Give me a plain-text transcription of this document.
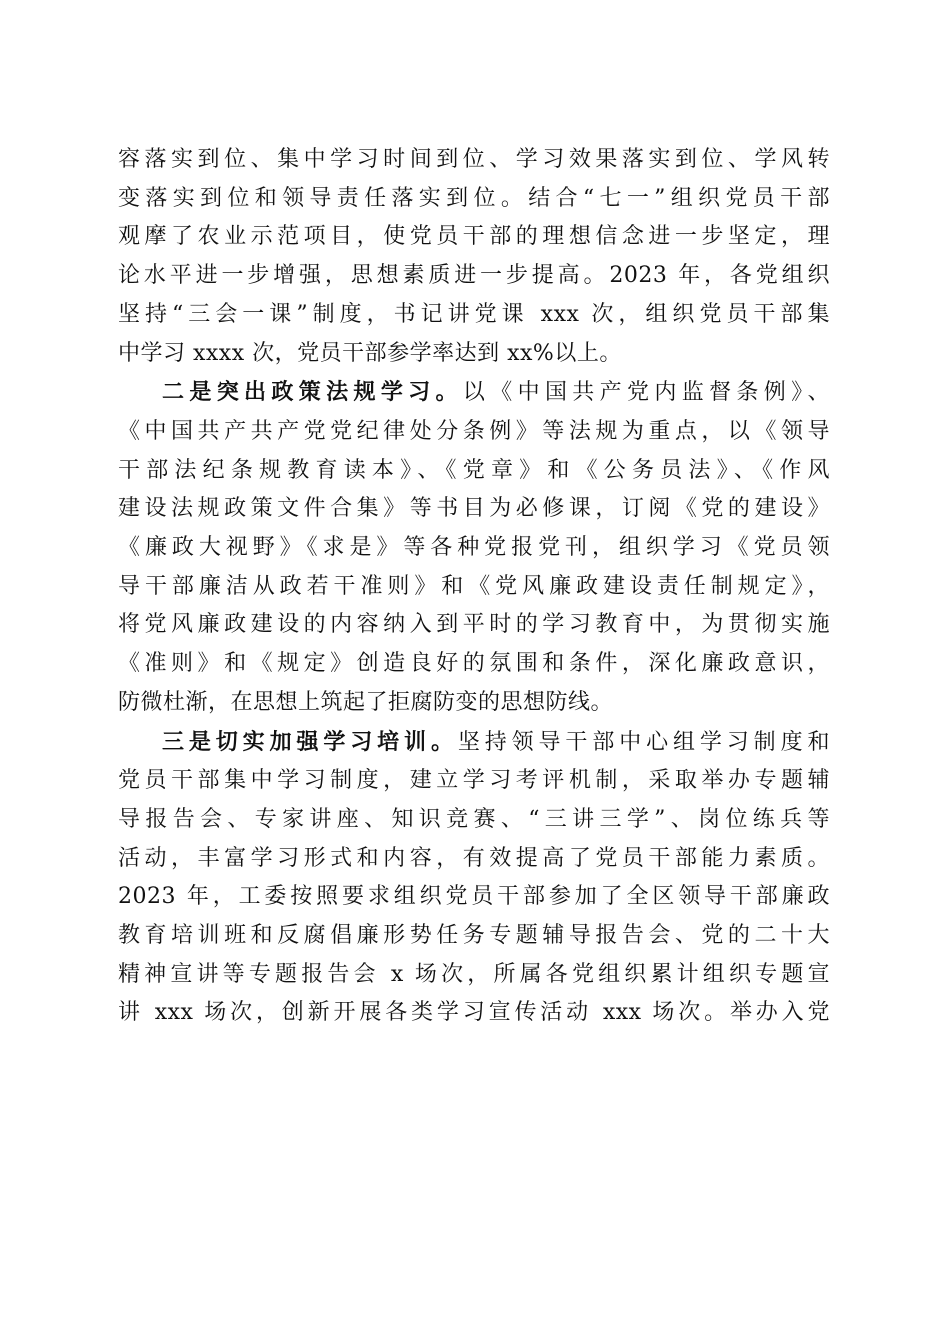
容落实到位、集中学习时间到位、学习效果落实到位、学风转
变落实到位和领导责任落实到位。结合“七一”组织党员干部
观摩了农业示范项目，使党员干部的理想信念进一步坚定，理
论水平进一步增强，思想素质进一步提高。2023 年，各党组织
坚持“三会一课”制度，书记讲党课 xxx 次，组织党员干部集
中学习 xxxx 次，党员干部参学率达到 xx%以上。
二是突出政策法规学习。以《中国共产党内监督条例》、
《中国共产共产党党纪律处分条例》等法规为重点，以《领导
干部法纪条规教育读本》、《党章》和《公务员法》、《作风
建设法规政策文件合集》等书目为必修课，订阅《党的建设》
《廉政大视野》《求是》等各种党报党刊，组织学习《党员领
导干部廉洁从政若干准则》和《党风廉政建设责任制规定》，
将党风廉政建设的内容纳入到平时的学习教育中，为贯彻实施
《准则》和《规定》创造良好的氛围和条件，深化廉政意识，
防微杜渐，在思想上筑起了拒腐防变的思想防线。
三是切实加强学习培训。坚持领导干部中心组学习制度和
党员干部集中学习制度，建立学习考评机制，采取举办专题辅
导报告会、专家讲座、知识竞赛、“三讲三学”、岗位练兵等
活动，丰富学习形式和内容，有效提高了党员干部能力素质。
2023 年，工委按照要求组织党员干部参加了全区领导干部廉政
教育培训班和反腐倡廉形势任务专题辅导报告会、党的二十大
精神宣讲等专题报告会 x 场次，所属各党组织累计组织专题宣
讲 xxx 场次，创新开展各类学习宣传活动 xxx 场次。举办入党
